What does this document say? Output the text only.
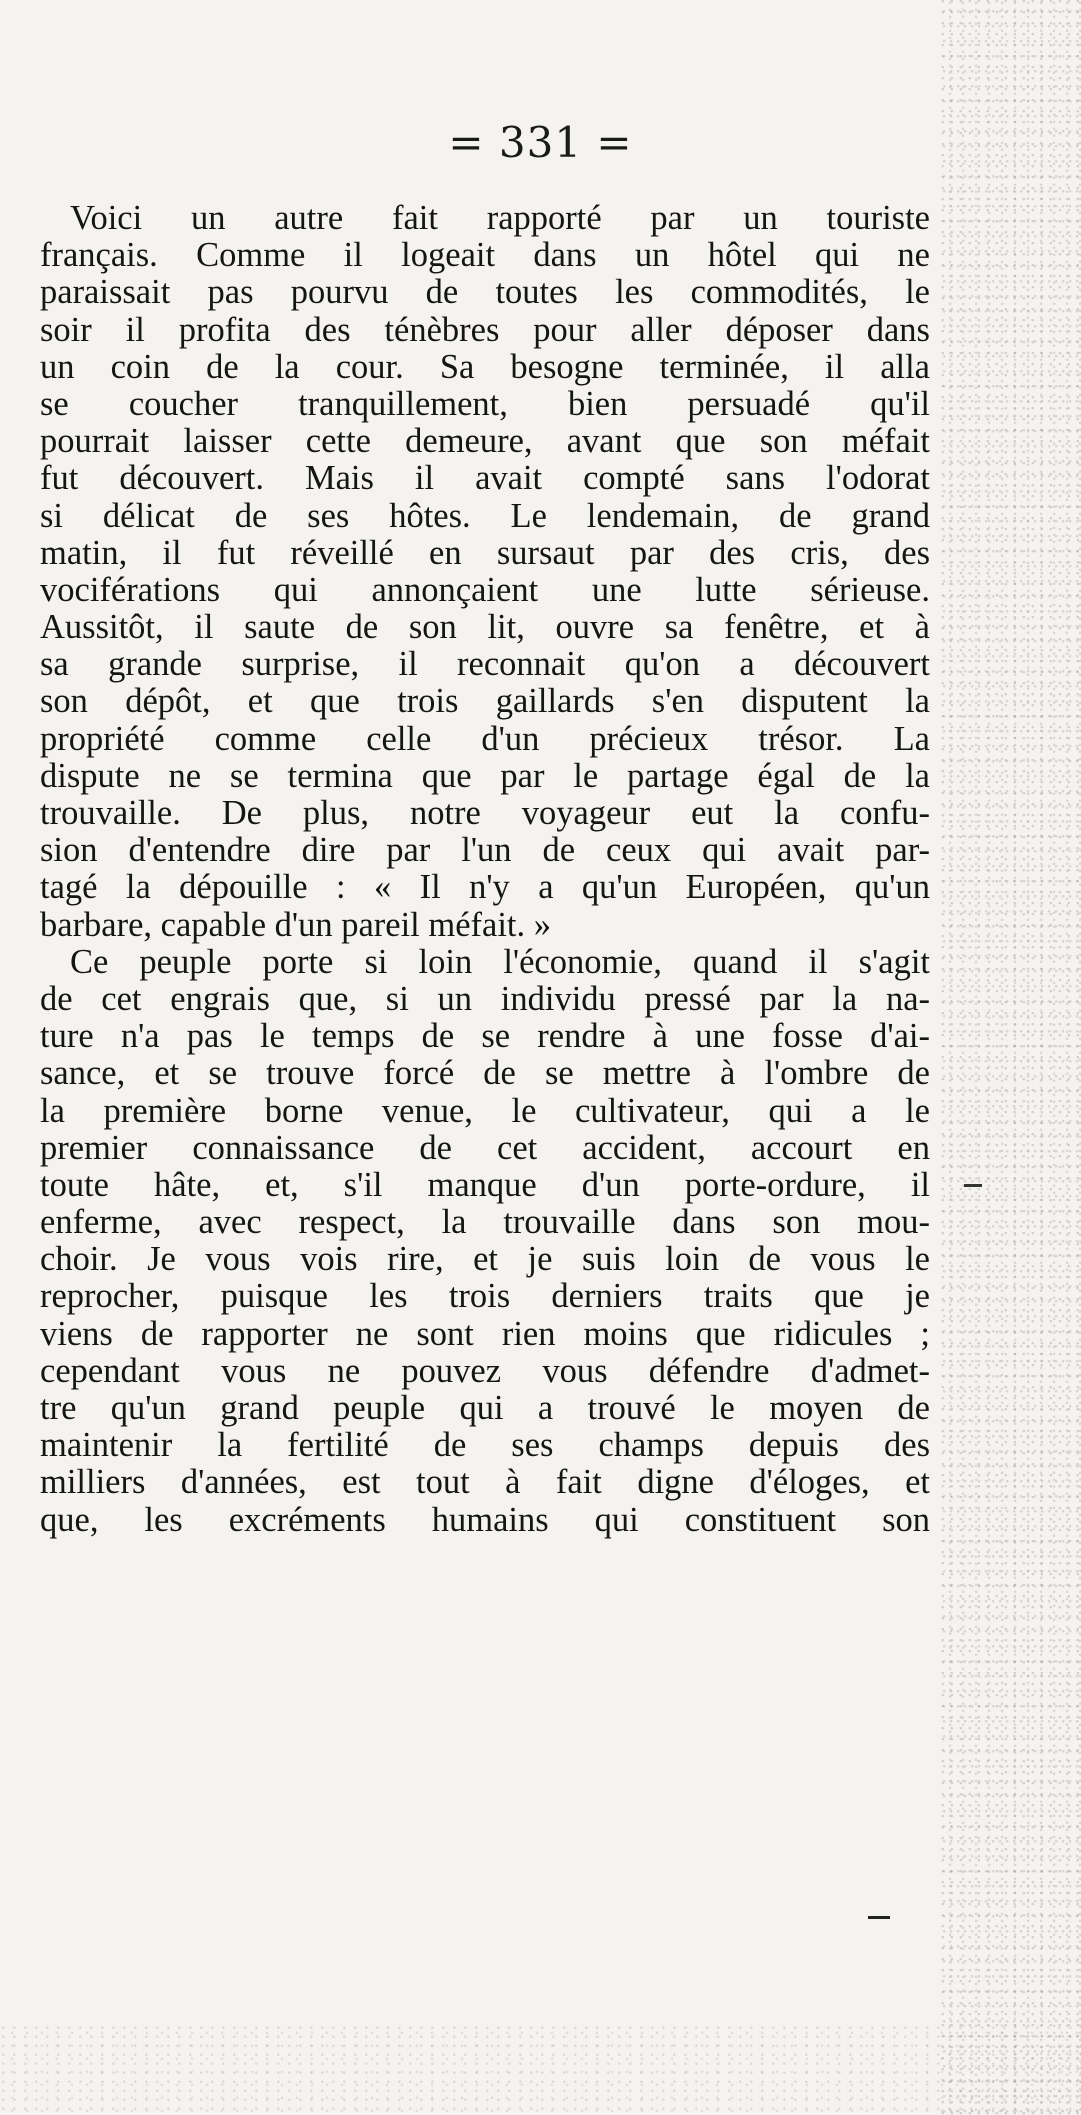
= 331 =
Voici un autre fait rapporté par un touriste
français. Comme il logeait dans un hôtel qui ne
paraissait pas pourvu de toutes les commodités, le
soir il profita des ténèbres pour aller déposer dans
un coin de la cour. Sa besogne terminée, il alla
se coucher tranquillement, bien persuadé qu'il
pourrait laisser cette demeure, avant que son méfait
fut découvert. Mais il avait compté sans l'odorat
si délicat de ses hôtes. Le lendemain, de grand
matin, il fut réveillé en sursaut par des cris, des
vociférations qui annonçaient une lutte sérieuse.
Aussitôt, il saute de son lit, ouvre sa fenêtre, et à
sa grande surprise, il reconnait qu'on a découvert
son dépôt, et que trois gaillards s'en disputent la
propriété comme celle d'un précieux trésor. La
dispute ne se termina que par le partage égal de la
trouvaille. De plus, notre voyageur eut la confu-
sion d'entendre dire par l'un de ceux qui avait par-
tagé la dépouille : « Il n'y a qu'un Européen, qu'un
barbare, capable d'un pareil méfait. »
Ce peuple porte si loin l'économie, quand il s'agit
de cet engrais que, si un individu pressé par la na-
ture n'a pas le temps de se rendre à une fosse d'ai-
sance, et se trouve forcé de se mettre à l'ombre de
la première borne venue, le cultivateur, qui a le
premier connaissance de cet accident, accourt en
toute hâte, et, s'il manque d'un porte-ordure, il
enferme, avec respect, la trouvaille dans son mou-
choir. Je vous vois rire, et je suis loin de vous le
reprocher, puisque les trois derniers traits que je
viens de rapporter ne sont rien moins que ridicules ;
cependant vous ne pouvez vous défendre d'admet-
tre qu'un grand peuple qui a trouvé le moyen de
maintenir la fertilité de ses champs depuis des
milliers d'années, est tout à fait digne d'éloges, et
que, les excréments humains qui constituent son
